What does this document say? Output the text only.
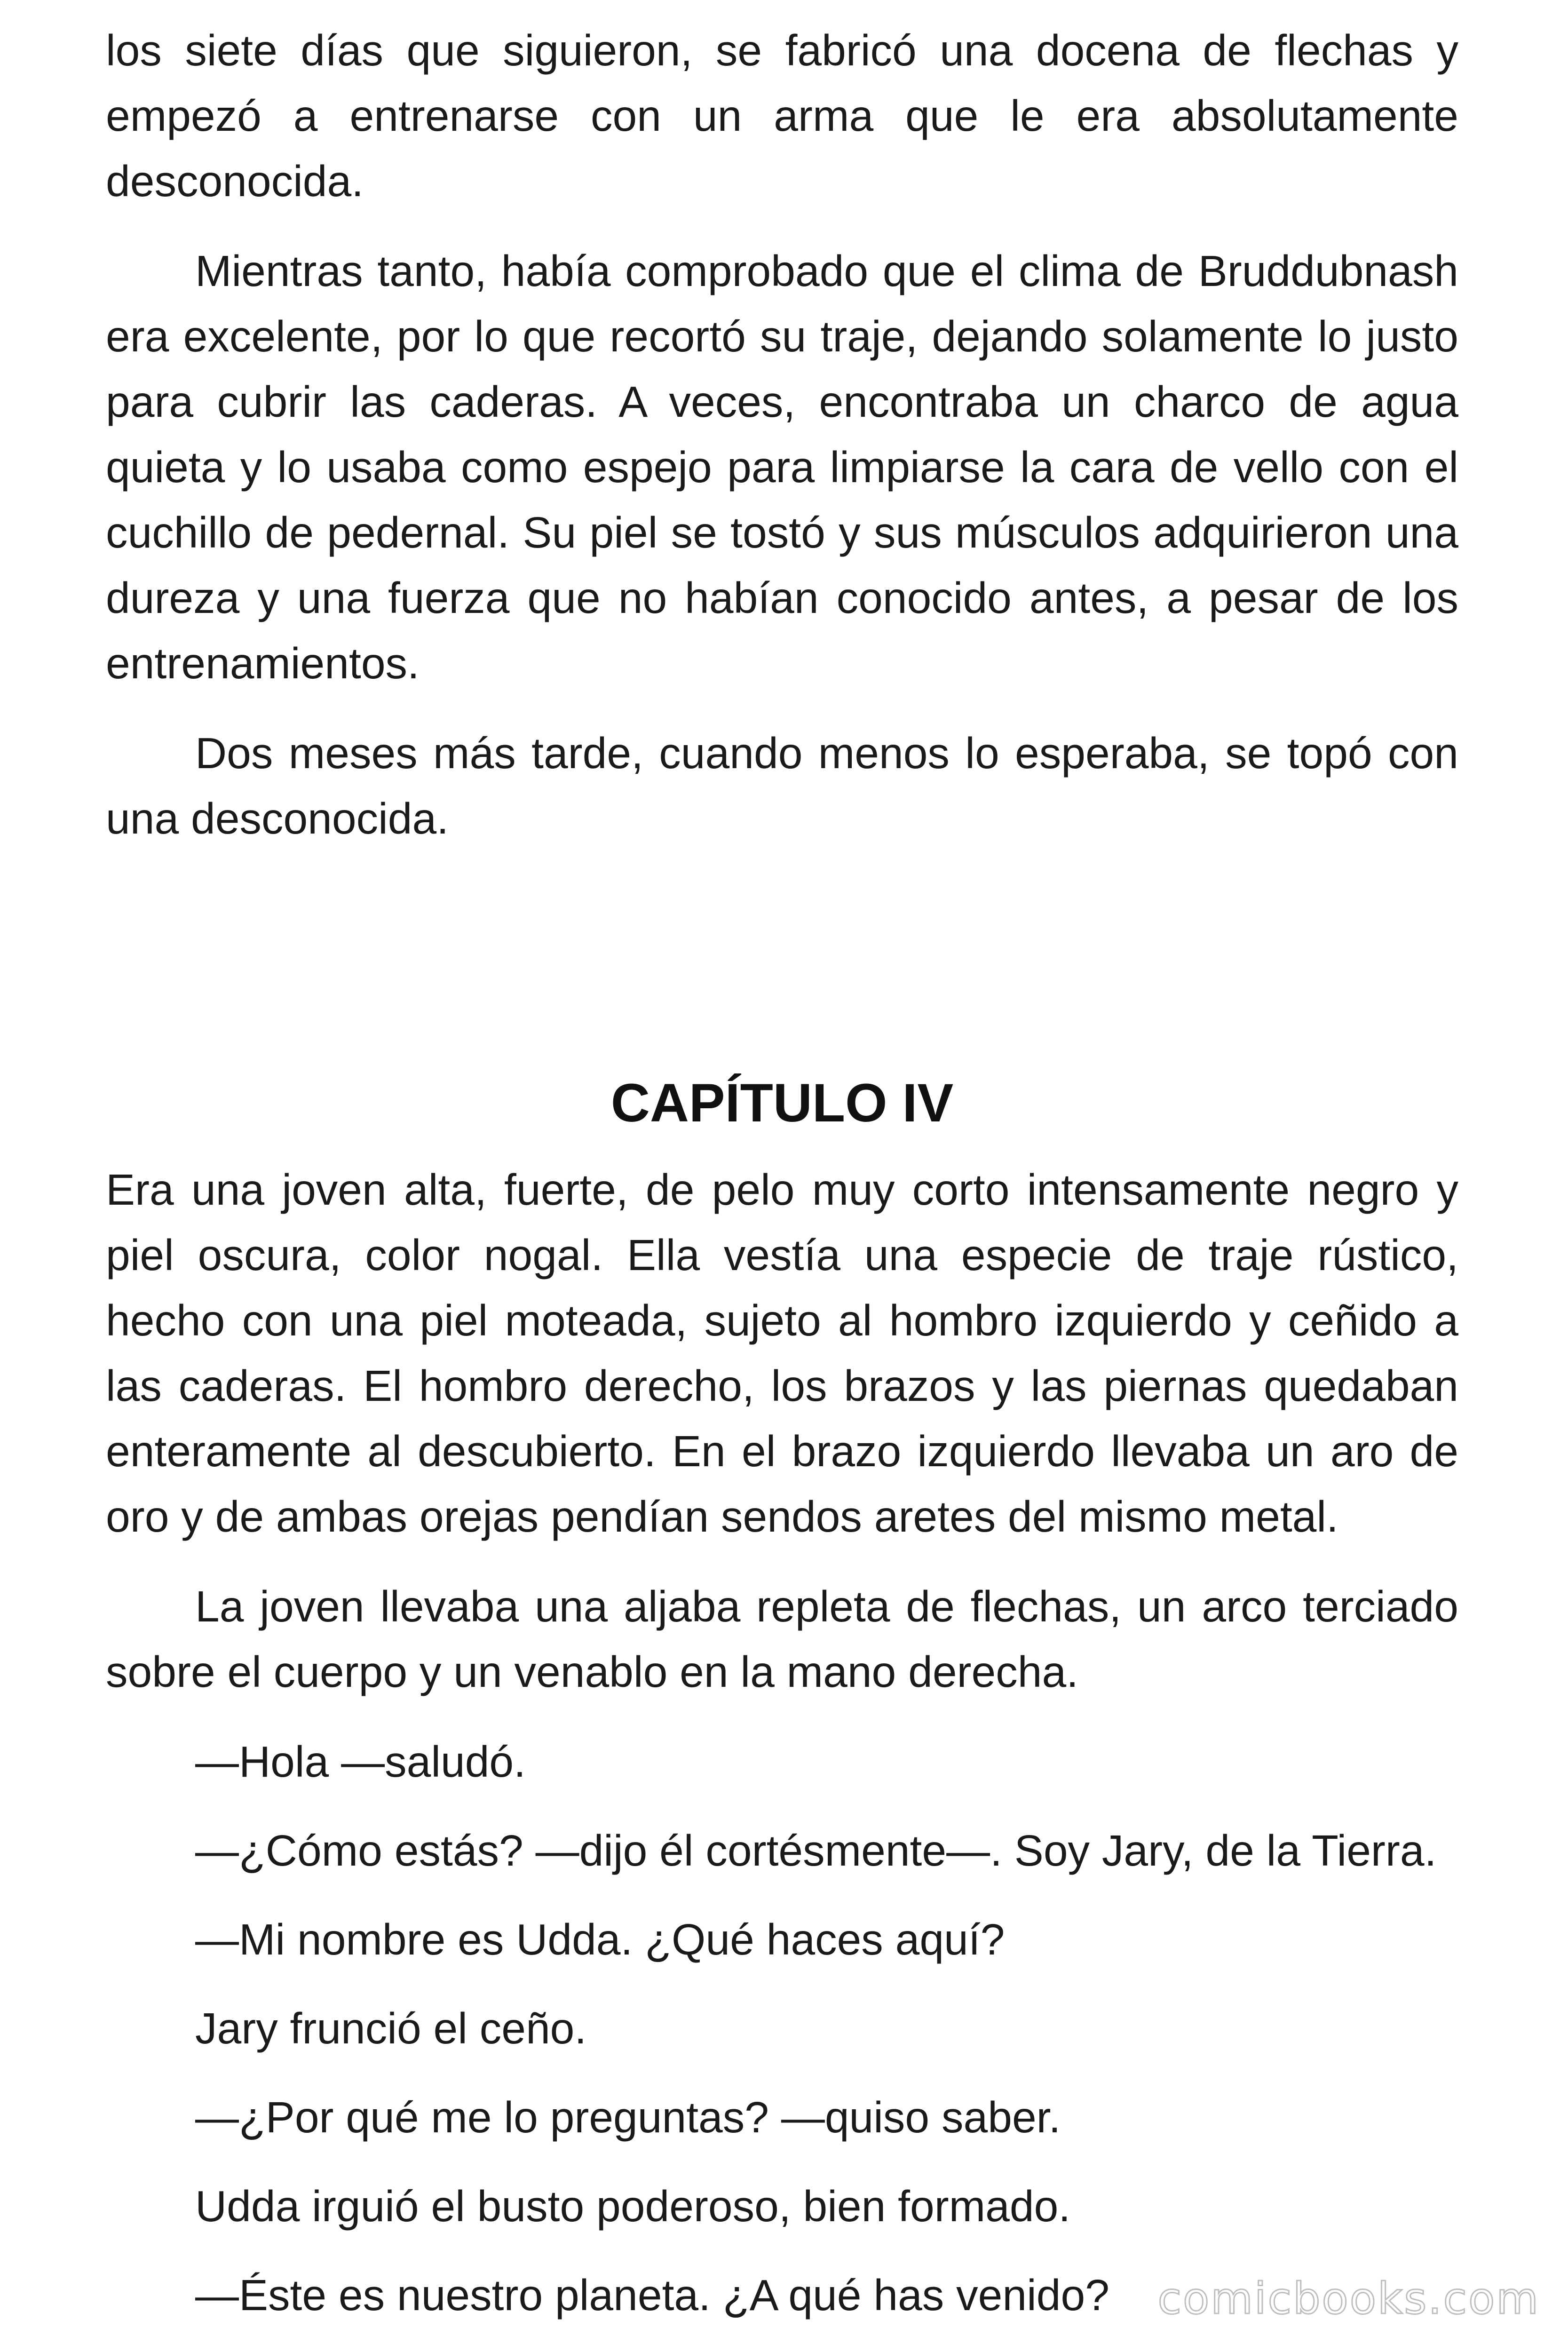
los siete días que siguieron, se fabricó una docena de flechas y empezó a entrenarse con un arma que le era absolutamente desconocida.

Mientras tanto, había comprobado que el clima de Bruddubnash era excelente, por lo que recortó su traje, dejando solamente lo justo para cubrir las caderas. A veces, encontraba un charco de agua quieta y lo usaba como espejo para limpiarse la cara de vello con el cuchillo de pedernal. Su piel se tostó y sus músculos adquirieron una dureza y una fuerza que no habían conocido antes, a pesar de los entrenamientos.

Dos meses más tarde, cuando menos lo esperaba, se topó con una desconocida.

CAPÍTULO IV

Era una joven alta, fuerte, de pelo muy corto intensamente negro y piel oscura, color nogal. Ella vestía una especie de traje rústico, hecho con una piel moteada, sujeto al hombro izquierdo y ceñido a las caderas. El hombro derecho, los brazos y las piernas quedaban enteramente al descubierto. En el brazo izquierdo llevaba un aro de oro y de ambas orejas pendían sendos aretes del mismo metal.

La joven llevaba una aljaba repleta de flechas, un arco terciado sobre el cuerpo y un venablo en la mano derecha.

—Hola —saludó.

—¿Cómo estás? —dijo él cortésmente—. Soy Jary, de la Tierra.

—Mi nombre es Udda. ¿Qué haces aquí?

Jary frunció el ceño.

—¿Por qué me lo preguntas? —quiso saber.

Udda irguió el busto poderoso, bien formado.

—Éste es nuestro planeta. ¿A qué has venido?	comicbooks.com
